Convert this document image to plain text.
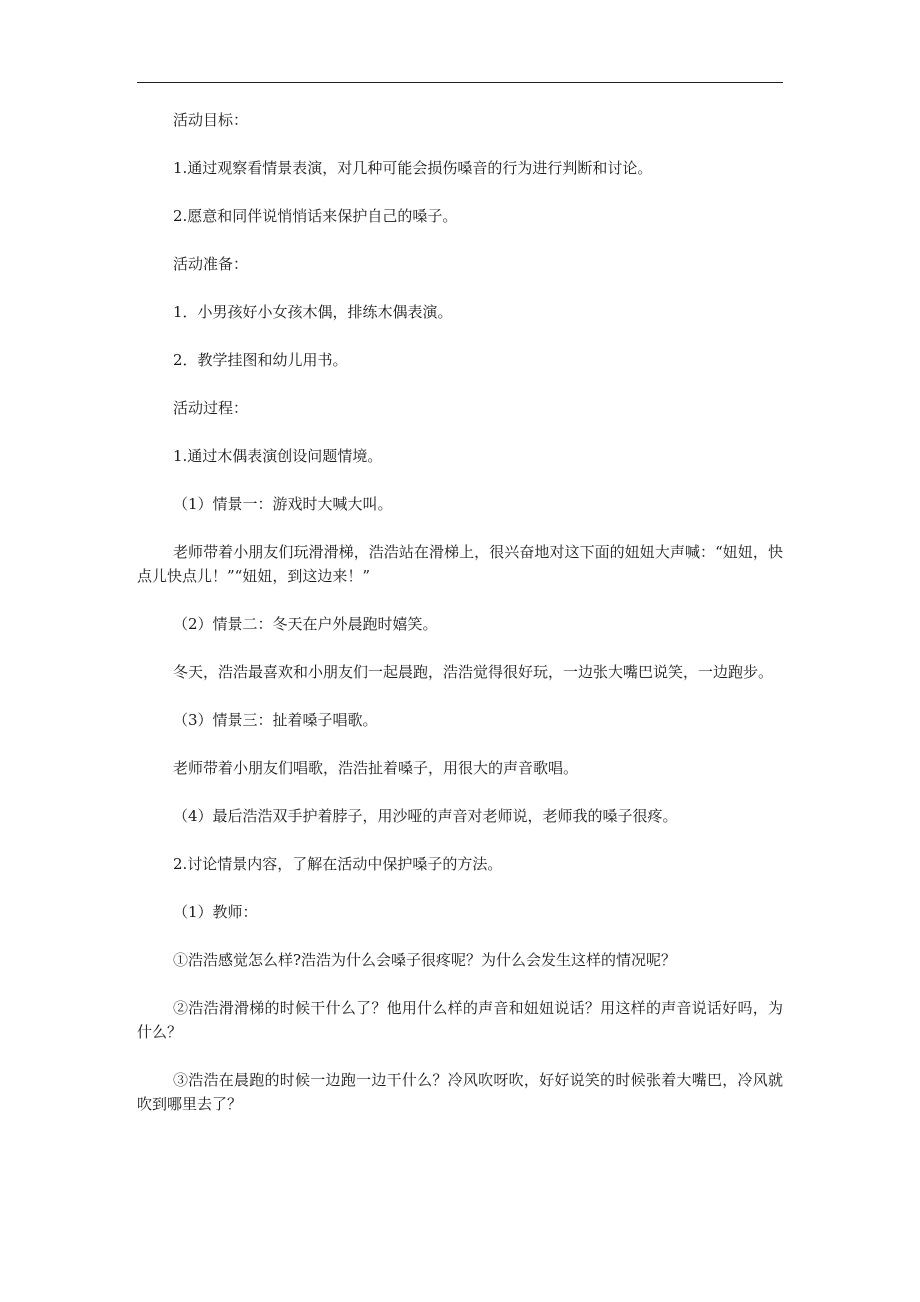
活动目标：

1.通过观察看情景表演，对几种可能会损伤嗓音的行为进行判断和讨论。

2.愿意和同伴说悄悄话来保护自己的嗓子。

活动准备：

1．小男孩好小女孩木偶，排练木偶表演。

2．教学挂图和幼儿用书。

活动过程：

1.通过木偶表演创设问题情境。

（1）情景一：游戏时大喊大叫。

老师带着小朋友们玩滑滑梯，浩浩站在滑梯上，很兴奋地对这下面的妞妞大声喊：“妞妞，快点儿快点儿！”“妞妞，到这边来！”

（2）情景二：冬天在户外晨跑时嬉笑。

冬天，浩浩最喜欢和小朋友们一起晨跑，浩浩觉得很好玩，一边张大嘴巴说笑，一边跑步。

（3）情景三：扯着嗓子唱歌。

老师带着小朋友们唱歌，浩浩扯着嗓子，用很大的声音歌唱。

（4）最后浩浩双手护着脖子，用沙哑的声音对老师说，老师我的嗓子很疼。

2.讨论情景内容，了解在活动中保护嗓子的方法。

（1）教师：

①浩浩感觉怎么样?浩浩为什么会嗓子很疼呢？为什么会发生这样的情况呢？

②浩浩滑滑梯的时候干什么了？他用什么样的声音和妞妞说话？用这样的声音说话好吗，为什么？

③浩浩在晨跑的时候一边跑一边干什么？冷风吹呀吹，好好说笑的时候张着大嘴巴，冷风就吹到哪里去了？
